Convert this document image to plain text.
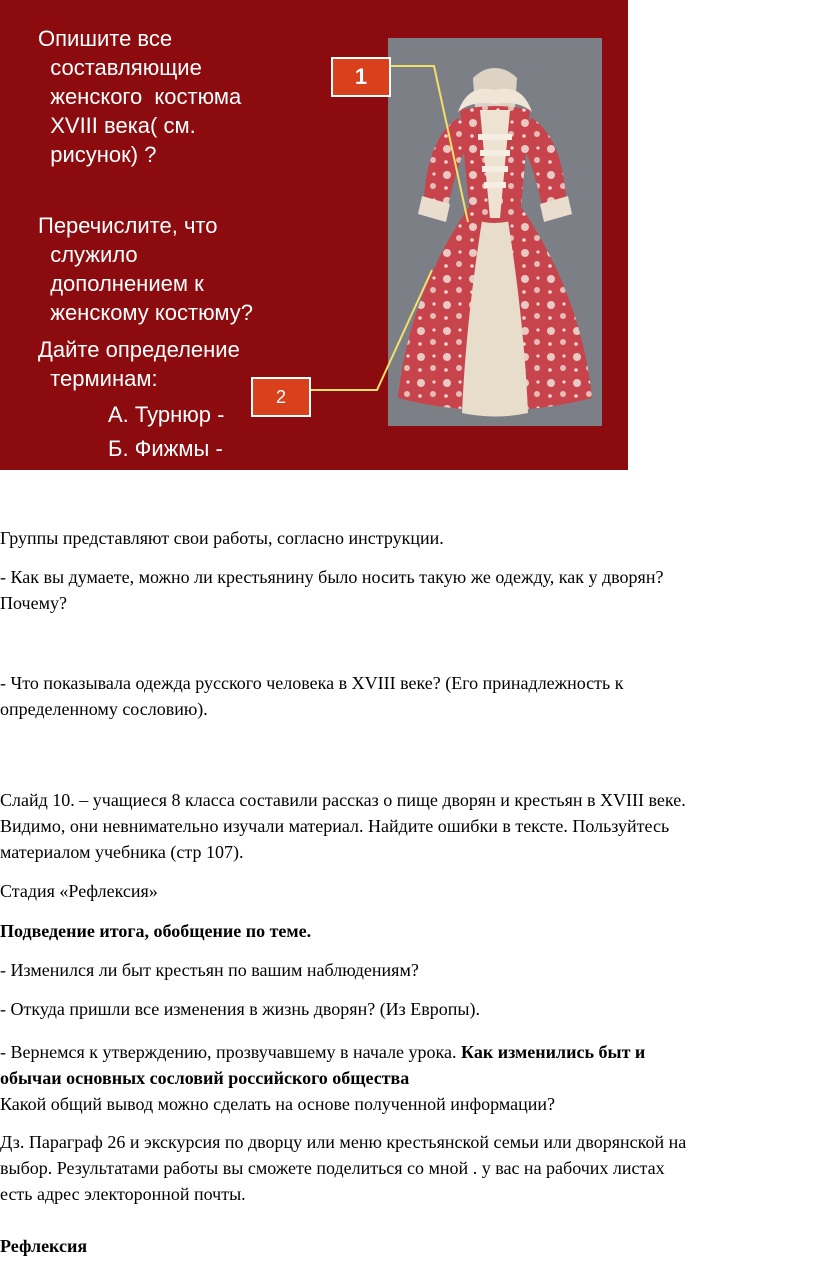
Опишите все
составляющие
женского  костюма
XVIII века( см.
рисунок) ?
Перечислите, что
служило
дополнением к
женскому костюму?
Дайте определение
терминам:
А. Турнюр -
Б. Фижмы -
1
2

Группы представляют свои работы, согласно инструкции.

- Как вы думаете, можно ли крестьянину было носить такую же одежду, как у дворян?

Почему?

- Что показывала одежда русского человека в XVIII веке? (Его принадлежность к

определенному сословию).

Слайд 10. – учащиеся 8 класса составили рассказ о пище дворян и крестьян в XVIII веке.

Видимо, они невнимательно изучали материал. Найдите ошибки в тексте. Пользуйтесь

материалом учебника (стр 107).

Стадия «Рефлексия»

Подведение итога, обобщение по теме.

- Изменился ли быт крестьян по вашим наблюдениям?

- Откуда пришли все изменения в жизнь дворян? (Из Европы).

- Вернемся к утверждению, прозвучавшему в начале урока. Как изменились быт и

обычаи основных сословий российского общества

Какой общий вывод можно сделать на основе полученной информации?

Дз. Параграф 26 и экскурсия по дворцу или меню крестьянской семьи или дворянской на

выбор. Результатами работы вы сможете поделиться со мной . у вас на рабочих листах

есть адрес электоронной почты.

Рефлексия
